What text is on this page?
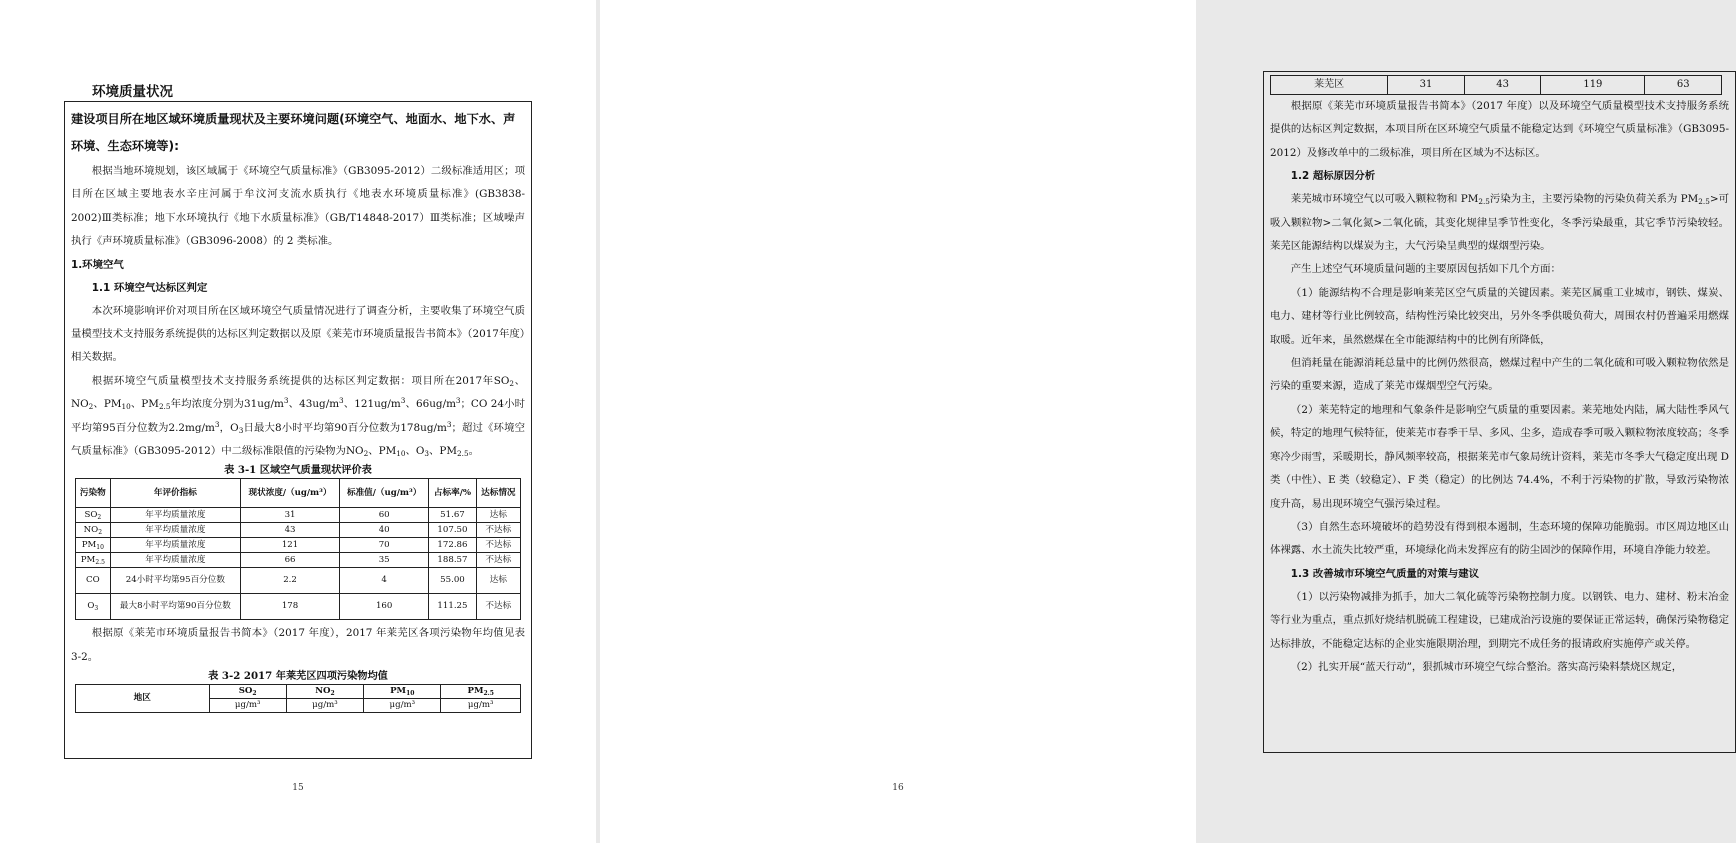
环境质量状况
建设项目所在地区域环境质量现状及主要环境问题(环境空气、地面水、地下水、声环境、生态环境等):

根据当地环境规划，该区域属于《环境空气质量标准》（GB3095-2012）二级标准适用区；项目所在区域主要地表水辛庄河属于牟汶河支流水质执行《地表水环境质量标准》(GB3838-2002)Ⅲ类标准；地下水环境执行《地下水质量标准》（GB/T14848-2017）Ⅲ类标准；区域噪声执行《声环境质量标准》（GB3096-2008）的 2 类标准。

1.环境空气
1.1 环境空气达标区判定

本次环境影响评价对项目所在区域环境空气质量情况进行了调查分析，主要收集了环境空气质量模型技术支持服务系统提供的达标区判定数据以及原《莱芜市环境质量报告书简本》（2017年度）相关数据。

根据环境空气质量模型技术支持服务系统提供的达标区判定数据：项目所在2017年$SO_2$、$NO_2$、$PM_{10}$、$PM_{2.5}$年均浓度分别为$31ug/m^3$、$43ug/m^3$、$121ug/m^3$、$66ug/m^3$；CO 24小时平均第95百分位数为$2.2mg/m^3$，$O_3$日最大8小时平均第90百分位数为$178ug/m^3$；超过《环境空气质量标准》（GB3095-2012）中二级标准限值的污染物为$NO_2$、$PM_{10}$、$O_3$、$PM_{2.5}$。

表 3-1 区域空气质量现状评价表
污染物	年评价指标	现状浓度/（ug/m³）	标准值/（ug/m³）	占标率/%	达标情况
$SO_2$	年平均质量浓度	31	60	51.67	达标
$NO_2$	年平均质量浓度	43	40	107.50	不达标
$PM_{10}$	年平均质量浓度	121	70	172.86	不达标
$PM_{2.5}$	年平均质量浓度	66	35	188.57	不达标
CO	24小时平均第95百分位数	2.2	4	55.00	达标
$O_3$	最大8小时平均第90百分位数	178	160	111.25	不达标

根据原《莱芜市环境质量报告书简本》（2017 年度），2017 年莱芜区各项污染物年均值见表 3-2。

表 3-2 2017 年莱芜区四项污染物均值
地区	$SO_2$	$NO_2$	$PM_{10}$	$PM_{2.5}$
	μg/m³	μg/m³	μg/m³	μg/m³
15
莱芜区	31	43	119	63

根据原《莱芜市环境质量报告书简本》（2017 年度）以及环境空气质量模型技术支持服务系统提供的达标区判定数据，本项目所在区环境空气质量不能稳定达到《环境空气质量标准》（GB3095-2012）及修改单中的二级标准，项目所在区域为不达标区。

1.2 超标原因分析

莱芜城市环境空气以可吸入颗粒物和 $PM_{2.5}$污染为主，主要污染物的污染负荷关系为 $PM_{2.5}>$可吸入颗粒物>二氧化氮>二氧化硫，其变化规律呈季节性变化，冬季污染最重，其它季节污染较轻。莱芜区能源结构以煤炭为主，大气污染呈典型的煤烟型污染。

产生上述空气环境质量问题的主要原因包括如下几个方面：

（1）能源结构不合理是影响莱芜区空气质量的关键因素。莱芜区属重工业城市，钢铁、煤炭、电力、建材等行业比例较高，结构性污染比较突出，另外冬季供暖负荷大，周围农村仍普遍采用燃煤取暖。近年来，虽然燃煤在全市能源结构中的比例有所降低，

但消耗量在能源消耗总量中的比例仍然很高，燃煤过程中产生的二氧化硫和可吸入颗粒物依然是污染的重要来源，造成了莱芜市煤烟型空气污染。

（2）莱芜特定的地理和气象条件是影响空气质量的重要因素。莱芜地处内陆，属大陆性季风气候，特定的地理气候特征，使莱芜市春季干旱、多风、尘多，造成春季可吸入颗粒物浓度较高；冬季寒冷少雨雪，采暖期长，静风频率较高，根据莱芜市气象局统计资料，莱芜市冬季大气稳定度出现 D 类（中性）、E 类（较稳定）、F 类（稳定）的比例达 74.4%，不利于污染物的扩散，导致污染物浓度升高，易出现环境空气强污染过程。

（3）自然生态环境破坏的趋势没有得到根本遏制，生态环境的保障功能脆弱。市区周边地区山体裸露、水土流失比较严重，环境绿化尚未发挥应有的防尘固沙的保障作用，环境自净能力较差。

1.3 改善城市环境空气质量的对策与建议

（1）以污染物减排为抓手，加大二氧化硫等污染物控制力度。以钢铁、电力、建材、粉末冶金等行业为重点，重点抓好烧结机脱硫工程建设，已建成治污设施的要保证正常运转，确保污染物稳定达标排放，不能稳定达标的企业实施限期治理，到期完不成任务的报请政府实施停产或关停。

（2）扎实开展“蓝天行动”，狠抓城市环境空气综合整治。落实高污染料禁烧区规定，

16
